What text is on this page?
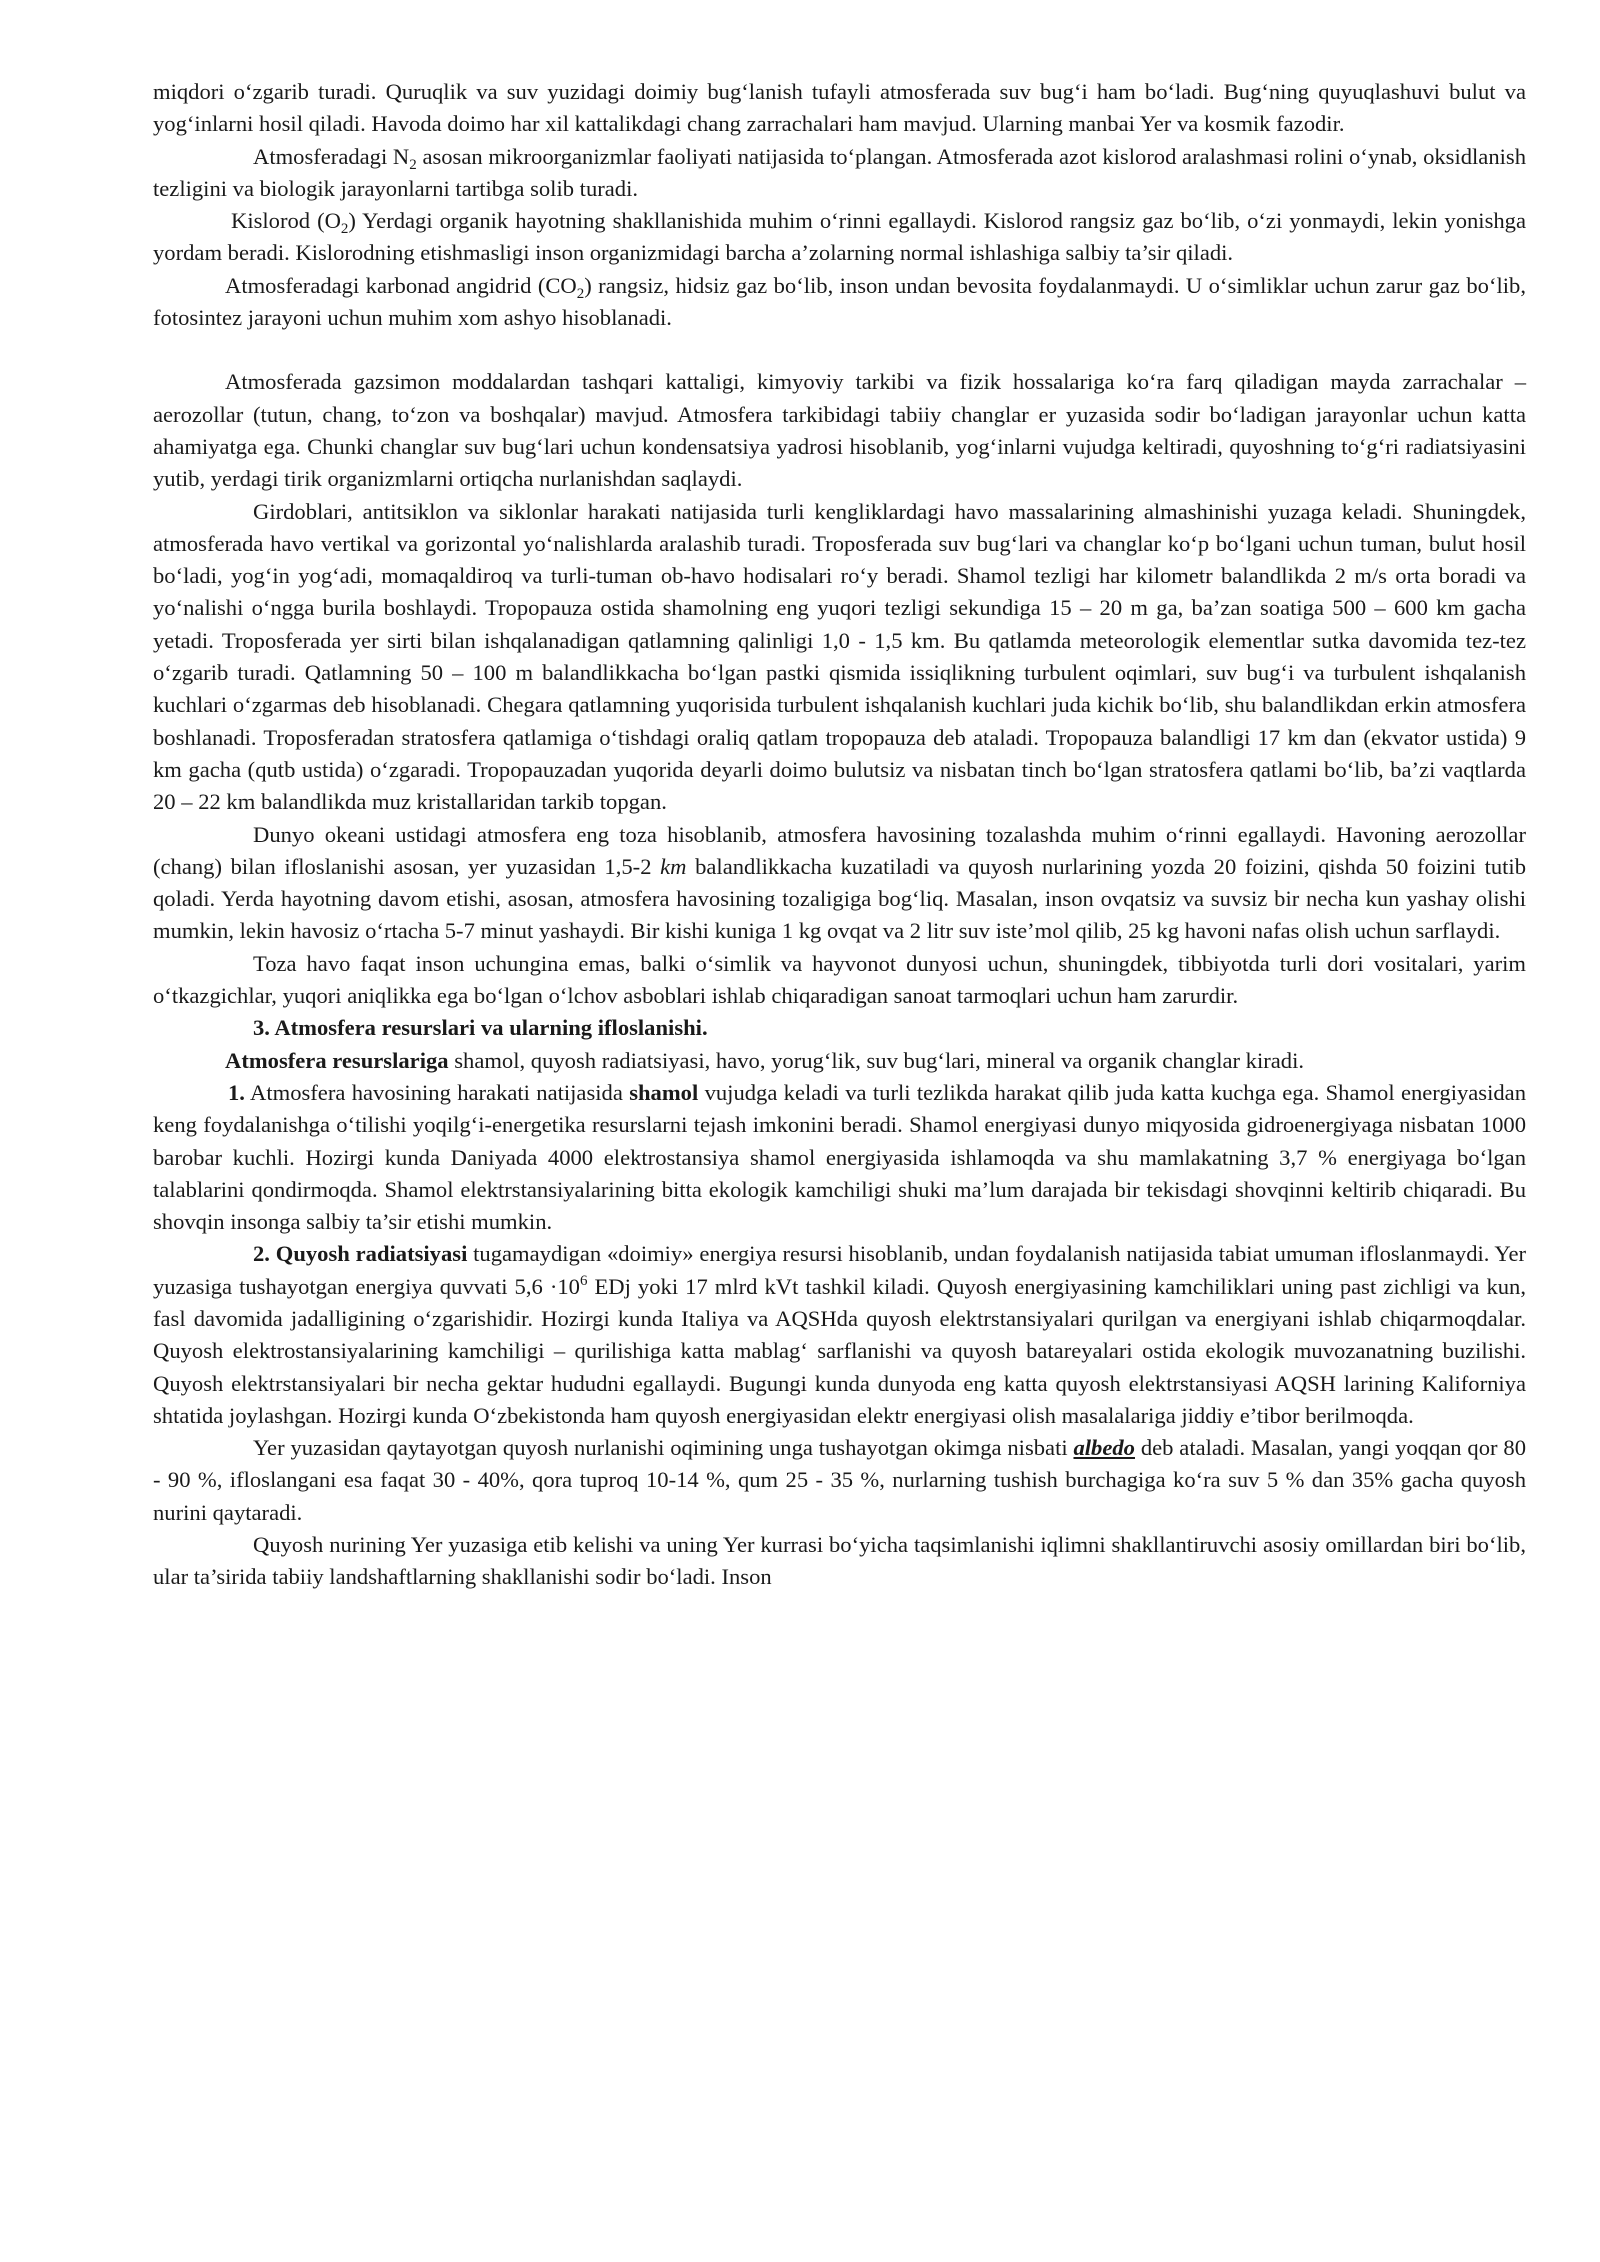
miqdori o‘zgarib turadi. Quruqlik va suv yuzidagi doimiy bug‘lanish tufayli atmosferada suv bug‘i ham bo‘ladi. Bug‘ning quyuqlashuvi bulut va yog‘inlarni hosil qiladi. Havoda doimo har xil kattalikdagi chang zarrachalari ham mavjud. Ularning manbai Yer va kosmik fazodir.

Atmosferadagi $N_2$ asosan mikroorganizmlar faoliyati natijasida to‘plangan. Atmosferada azot kislorod aralashmasi rolini o‘ynab, oksidlanish tezligini va biologik jarayonlarni tartibga solib turadi.

Kislorod $(O_2)$ Yerdagi organik hayotning shakllanishida muhim o‘rinni egallaydi. Kislorod rangsiz gaz bo‘lib, o‘zi yonmaydi, lekin yonishga yordam beradi. Kislorodning etishmasligi inson organizmidagi barcha a’zolarning normal ishlashiga salbiy ta’sir qiladi.

Atmosferadagi karbonad angidrid $(CO_2)$ rangsiz, hidsiz gaz bo‘lib, inson undan bevosita foydalanmaydi. U o‘simliklar uchun zarur gaz bo‘lib, fotosintez jarayoni uchun muhim xom ashyo hisoblanadi.

Atmosferada gazsimon moddalardan tashqari kattaligi, kimyoviy tarkibi va fizik hossalariga ko‘ra farq qiladigan mayda zarrachalar – aerozollar (tutun, chang, to‘zon va boshqalar) mavjud. Atmosfera tarkibidagi tabiiy changlar er yuzasida sodir bo‘ladigan jarayonlar uchun katta ahamiyatga ega. Chunki changlar suv bug‘lari uchun kondensatsiya yadrosi hisoblanib, yog‘inlarni vujudga keltiradi, quyoshning to‘g‘ri radiatsiyasini yutib, yerdagi tirik organizmlarni ortiqcha nurlanishdan saqlaydi.

Girdoblari, antitsiklon va siklonlar harakati natijasida turli kengliklardagi havo massalarining almashinishi yuzaga keladi. Shuningdek, atmosferada havo vertikal va gorizontal yo‘nalishlarda aralashib turadi. Troposferada suv bug‘lari va changlar ko‘p bo‘lgani uchun tuman, bulut hosil bo‘ladi, yog‘in yog‘adi, momaqaldiroq va turli-tuman ob-havo hodisalari ro‘y beradi. Shamol tezligi har kilometr balandlikda 2 m/s orta boradi va yo‘nalishi o‘ngga burila boshlaydi. Tropopauza ostida shamolning eng yuqori tezligi sekundiga 15 – 20 m ga, ba’zan soatiga 500 – 600 km gacha yetadi. Troposferada yer sirti bilan ishqalanadigan qatlamning qalinligi 1,0 - 1,5 km. Bu qatlamda meteorologik elementlar sutka davomida tez-tez o‘zgarib turadi. Qatlamning 50 – 100 m balandlikkacha bo‘lgan pastki qismida issiqlikning turbulent oqimlari, suv bug‘i va turbulent ishqalanish kuchlari o‘zgarmas deb hisoblanadi. Chegara qatlamning yuqorisida turbulent ishqalanish kuchlari juda kichik bo‘lib, shu balandlikdan erkin atmosfera boshlanadi. Troposferadan stratosfera qatlamiga o‘tishdagi oraliq qatlam tropopauza deb ataladi. Tropopauza balandligi 17 km dan (ekvator ustida) 9 km gacha (qutb ustida) o‘zgaradi. Tropopauzadan yuqorida deyarli doimo bulutsiz va nisbatan tinch bo‘lgan stratosfera qatlami bo‘lib, ba’zi vaqtlarda 20 – 22 km balandlikda muz kristallaridan tarkib topgan.

Dunyo okeani ustidagi atmosfera eng toza hisoblanib, atmosfera havosining tozalashda muhim o‘rinni egallaydi. Havoning aerozollar (chang) bilan ifloslanishi asosan, yer yuzasidan 1,5-2 km balandlikkacha kuzatiladi va quyosh nurlarining yozda 20 foizini, qishda 50 foizini tutib qoladi. Yerda hayotning davom etishi, asosan, atmosfera havosining tozaligiga bog‘liq. Masalan, inson ovqatsiz va suvsiz bir necha kun yashay olishi mumkin, lekin havosiz o‘rtacha 5-7 minut yashaydi. Bir kishi kuniga 1 kg ovqat va 2 litr suv iste’mol qilib, 25 kg havoni nafas olish uchun sarflaydi.

Toza havo faqat inson uchungina emas, balki o‘simlik va hayvonot dunyosi uchun, shuningdek, tibbiyotda turli dori vositalari, yarim o‘tkazgichlar, yuqori aniqlikka ega bo‘lgan o‘lchov asboblari ishlab chiqaradigan sanoat tarmoqlari uchun ham zarurdir.

3. Atmosfera resurslari va ularning ifloslanishi.

Atmosfera resurslariga shamol, quyosh radiatsiyasi, havo, yorug‘lik, suv bug‘lari, mineral va organik changlar kiradi.

1. Atmosfera havosining harakati natijasida shamol vujudga keladi va turli tezlikda harakat qilib juda katta kuchga ega. Shamol energiyasidan keng foydalanishga o‘tilishi yoqilg‘i-energetika resurslarni tejash imkonini beradi. Shamol energiyasi dunyo miqyosida gidroenergiyaga nisbatan 1000 barobar kuchli. Hozirgi kunda Daniyada 4000 elektrostansiya shamol energiyasida ishlamoqda va shu mamlakatning 3,7 % energiyaga bo‘lgan talablarini qondirmoqda. Shamol elektrstansiyalarining bitta ekologik kamchiligi shuki ma’lum darajada bir tekisdagi shovqinni keltirib chiqaradi. Bu shovqin insonga salbiy ta’sir etishi mumkin.

2. Quyosh radiatsiyasi tugamaydigan «doimiy» energiya resursi hisoblanib, undan foydalanish natijasida tabiat umuman ifloslanmaydi. Yer yuzasiga tushayotgan energiya quvvati $5,6 \cdot 10^6$ EDj yoki 17 mlrd kVt tashkil kiladi. Quyosh energiyasining kamchiliklari uning past zichligi va kun, fasl davomida jadalligining o‘zgarishidir. Hozirgi kunda Italiya va AQSHda quyosh elektrstansiyalari qurilgan va energiyani ishlab chiqarmoqdalar. Quyosh elektrostansiyalarining kamchiligi – qurilishiga katta mablag‘ sarflanishi va quyosh batareyalari ostida ekologik muvozanatning buzilishi. Quyosh elektrstansiyalari bir necha gektar hududni egallaydi. Bugungi kunda dunyoda eng katta quyosh elektrstansiyasi AQSH larining Kaliforniya shtatida joylashgan. Hozirgi kunda O‘zbekistonda ham quyosh energiyasidan elektr energiyasi olish masalalariga jiddiy e’tibor berilmoqda.

Yer yuzasidan qaytayotgan quyosh nurlanishi oqimining unga tushayotgan okimga nisbati albedo deb ataladi. Masalan, yangi yoqqan qor 80 - 90 %, ifloslangani esa faqat 30 - 40%, qora tuproq 10-14 %, qum 25 - 35 %, nurlarning tushish burchagiga ko‘ra suv 5 % dan 35% gacha quyosh nurini qaytaradi.

Quyosh nurining Yer yuzasiga etib kelishi va uning Yer kurrasi bo‘yicha taqsimlanishi iqlimni shakllantiruvchi asosiy omillardan biri bo‘lib, ular ta’sirida tabiiy landshaftlarning shakllanishi sodir bo‘ladi. Inson
